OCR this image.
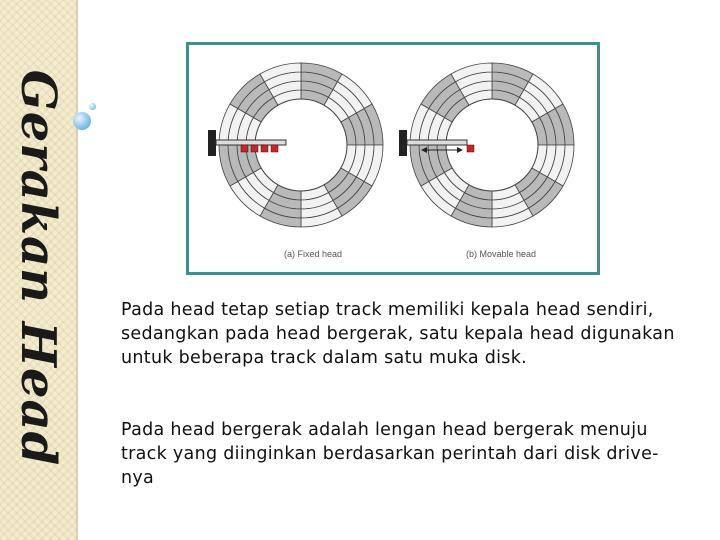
Gerakan Head	(a) Fixed head	(b) Movable head
Pada head tetap setiap track memiliki kepala head sendiri, sedangkan pada head bergerak, satu kepala head digunakan untuk beberapa track dalam satu muka disk.
Pada head bergerak adalah lengan head bergerak menuju track yang diinginkan berdasarkan perintah dari disk drive-nya
